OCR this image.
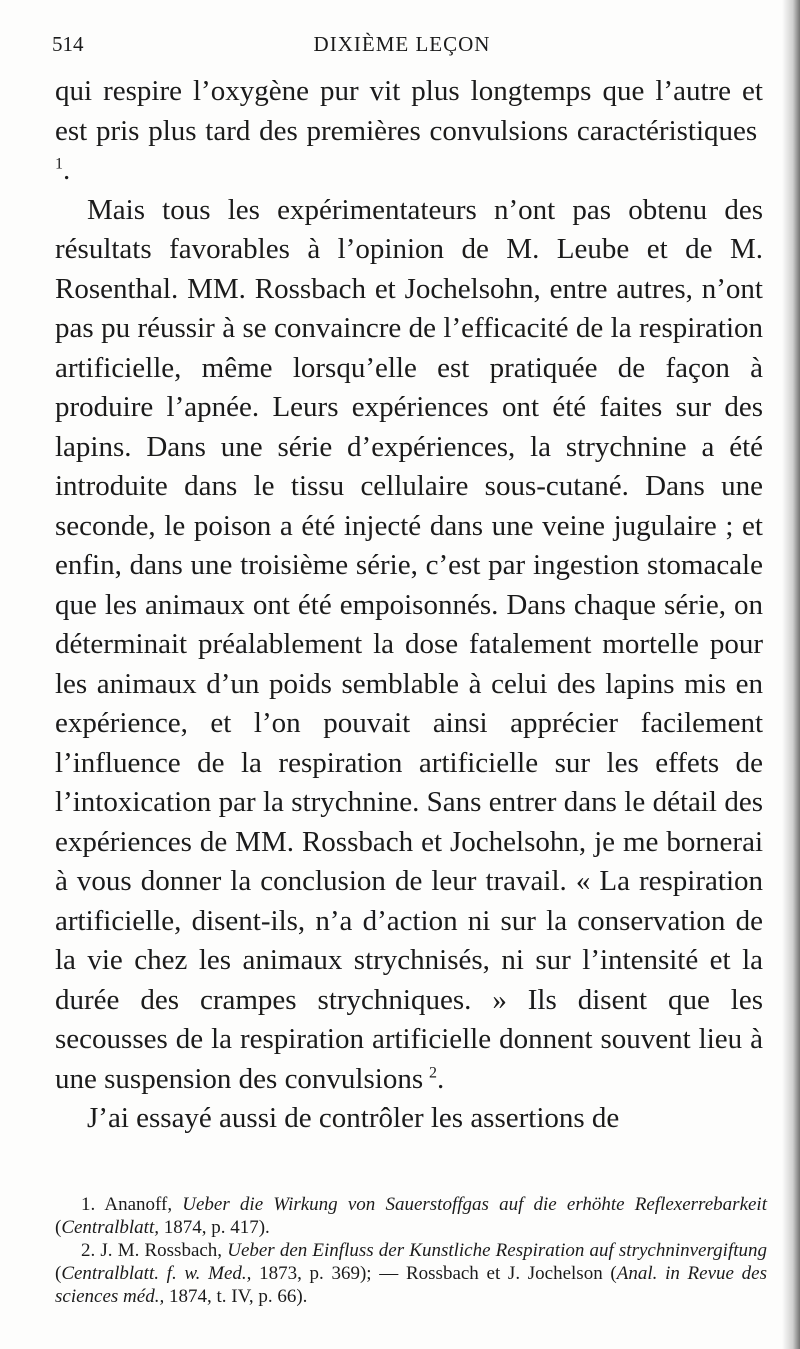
514	DIXIÈME LEÇON

qui respire l’oxygène pur vit plus longtemps que l’autre et est pris plus tard des premières convulsions caractéristiques $^1$.

Mais tous les expérimentateurs n’ont pas obtenu des résultats favorables à l’opinion de M. Leube et de M. Rosenthal. MM. Rossbach et Jochelsohn, entre autres, n’ont pas pu réussir à se convaincre de l’efficacité de la respiration artificielle, même lorsqu’elle est pratiquée de façon à produire l’apnée. Leurs expériences ont été faites sur des lapins. Dans une série d’expériences, la strychnine a été introduite dans le tissu cellulaire sous-cutané. Dans une seconde, le poison a été injecté dans une veine jugulaire ; et enfin, dans une troisième série, c’est par ingestion stomacale que les animaux ont été empoisonnés. Dans chaque série, on déterminait préalablement la dose fatalement mortelle pour les animaux d’un poids semblable à celui des lapins mis en expérience, et l’on pouvait ainsi apprécier facilement l’influence de la respiration artificielle sur les effets de l’intoxication par la strychnine. Sans entrer dans le détail des expériences de MM. Rossbach et Jochelsohn, je me bornerai à vous donner la conclusion de leur travail. « La respiration artificielle, disent-ils, n’a d’action ni sur la conservation de la vie chez les animaux strychnisés, ni sur l’intensité et la durée des crampes strychniques. » Ils disent que les secousses de la respiration artificielle donnent souvent lieu à une suspension des convulsions  $^2$.

J’ai essayé aussi de contrôler les assertions de

1. Ananoff, Ueber die Wirkung von Sauerstoffgas auf die erhöhte Reflexerrebarkeit (Centralblatt, 1874, p. 417).

2. J. M. Rossbach, Ueber den Einfluss der Kunstliche Respiration auf strychninvergiftung (Centralblatt. f. w. Med., 1873, p. 369); — Rossbach et J. Jochelson (Anal. in Revue des sciences méd., 1874, t. IV, p. 66).
